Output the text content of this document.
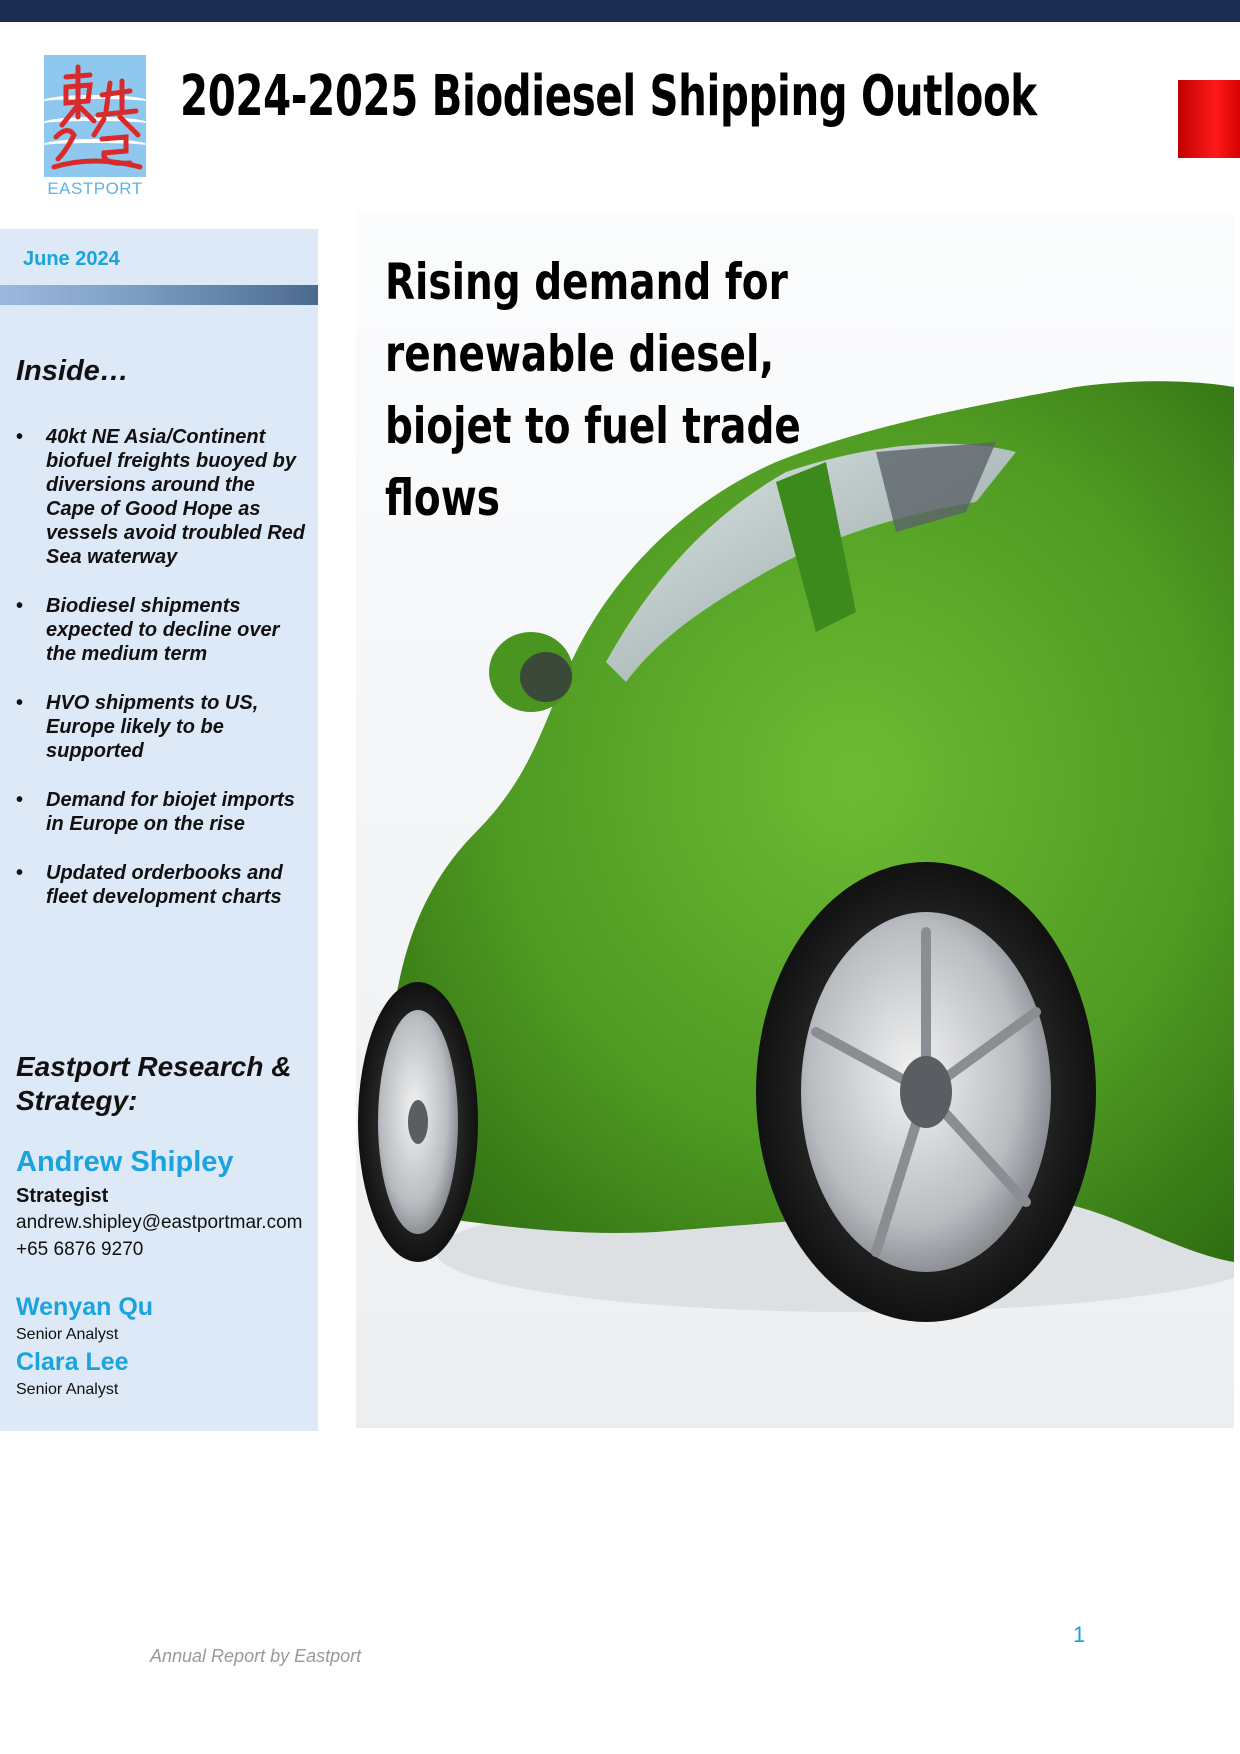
EASTPORT
2024-2025 Biodiesel Shipping Outlook
June 2024
Inside…
• 40kt NE Asia/Continent biofuel freights buoyed by diversions around the Cape of Good Hope as vessels avoid troubled Red Sea waterway
• Biodiesel shipments expected to decline over the medium term
• HVO shipments to US, Europe likely to be supported
• Demand for biojet imports in Europe on the rise
• Updated orderbooks and fleet development charts
Eastport Research & Strategy:
Andrew Shipley
Strategist
andrew.shipley@eastportmar.com
+65 6876 9270
Wenyan Qu
Senior Analyst
Clara Lee
Senior Analyst
Rising demand for renewable diesel, biojet to fuel trade flows
1
Annual Report by Eastport
